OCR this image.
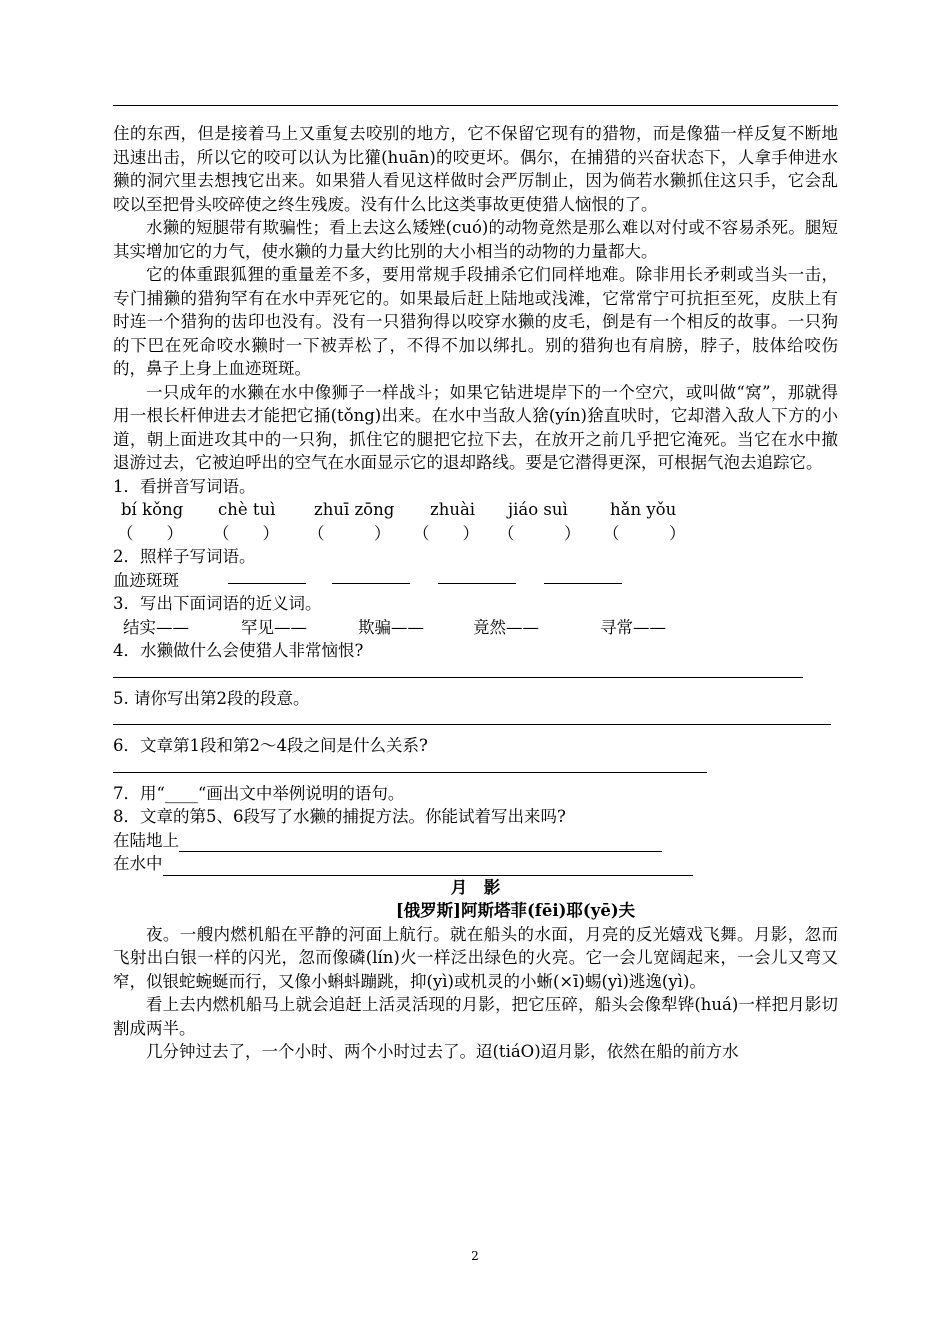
住的东西，但是接着马上又重复去咬别的地方，它不保留它现有的猎物，而是像猫一样反复不断地迅速出击，所以它的咬可以认为比獾(huān)的咬更坏。偶尔，在捕猎的兴奋状态下，人拿手伸进水獭的洞穴里去想拽它出来。如果猎人看见这样做时会严厉制止，因为倘若水獭抓住这只手，它会乱咬以至把骨头咬碎使之终生残废。没有什么比这类事故更使猎人恼恨的了。

水獭的短腿带有欺骗性；看上去这么矮矬(cuó)的动物竟然是那么难以对付或不容易杀死。腿短其实增加它的力气，使水獭的力量大约比别的大小相当的动物的力量都大。

它的体重跟狐狸的重量差不多，要用常规手段捕杀它们同样地难。除非用长矛刺或当头一击，专门捕獭的猎狗罕有在水中弄死它的。如果最后赶上陆地或浅滩，它常常宁可抗拒至死，皮肤上有时连一个猎狗的齿印也没有。没有一只猎狗得以咬穿水獭的皮毛，倒是有一个相反的故事。一只狗的下巴在死命咬水獭时一下被弄松了，不得不加以绑扎。别的猎狗也有肩膀，脖子，肢体给咬伤的，鼻子上身上血迹斑斑。

一只成年的水獭在水中像狮子一样战斗；如果它钻进堤岸下的一个空穴，或叫做“窝”，那就得用一根长杆伸进去才能把它捅(tǒng)出来。在水中当敌人猞(yín)猞直吠时，它却潜入敌人下方的小道，朝上面进攻其中的一只狗，抓住它的腿把它拉下去，在放开之前几乎把它淹死。当它在水中撤退游过去，它被迫呼出的空气在水面显示它的退却路线。要是它潜得更深，可根据气泡去追踪它。

1．看拼音写词语。

bí kǒng	chè tuì	zhuī zōng	zhuài	jiáo suì	hǎn yǒu
（　　）	（　　）	（　　　）	（　　）	（　　　）	（　　　）

2．照样子写词语。

血迹斑斑

3．写出下面词语的近义词。

结实——	罕见——	欺骗——	竟然——	寻常——

4．水獭做什么会使猎人非常恼恨?

5. 请你写出第2段的段意。

6．文章第1段和第2～4段之间是什么关系?

7．用“____“画出文中举例说明的语句。

8．文章的第5、6段写了水獭的捕捉方法。你能试着写出来吗?

在陆地上
在水中

月　影

[俄罗斯]阿斯塔菲(fēi)耶(yē)夫

夜。一艘内燃机船在平静的河面上航行。就在船头的水面，月亮的反光嬉戏飞舞。月影，忽而飞射出白银一样的闪光，忽而像磷(lín)火一样泛出绿色的火亮。它一会儿宽阔起来，一会儿又弯又窄，似银蛇蜿蜒而行，又像小蝌蚪蹦跳，抑(yì)或机灵的小蜥(×ī)蜴(yì)逃逸(yì)。

看上去内燃机船马上就会追赶上活灵活现的月影，把它压碎，船头会像犁铧(huá)一样把月影切割成两半。

几分钟过去了，一个小时、两个小时过去了。迢(tiáO)迢月影，依然在船的前方水

2
